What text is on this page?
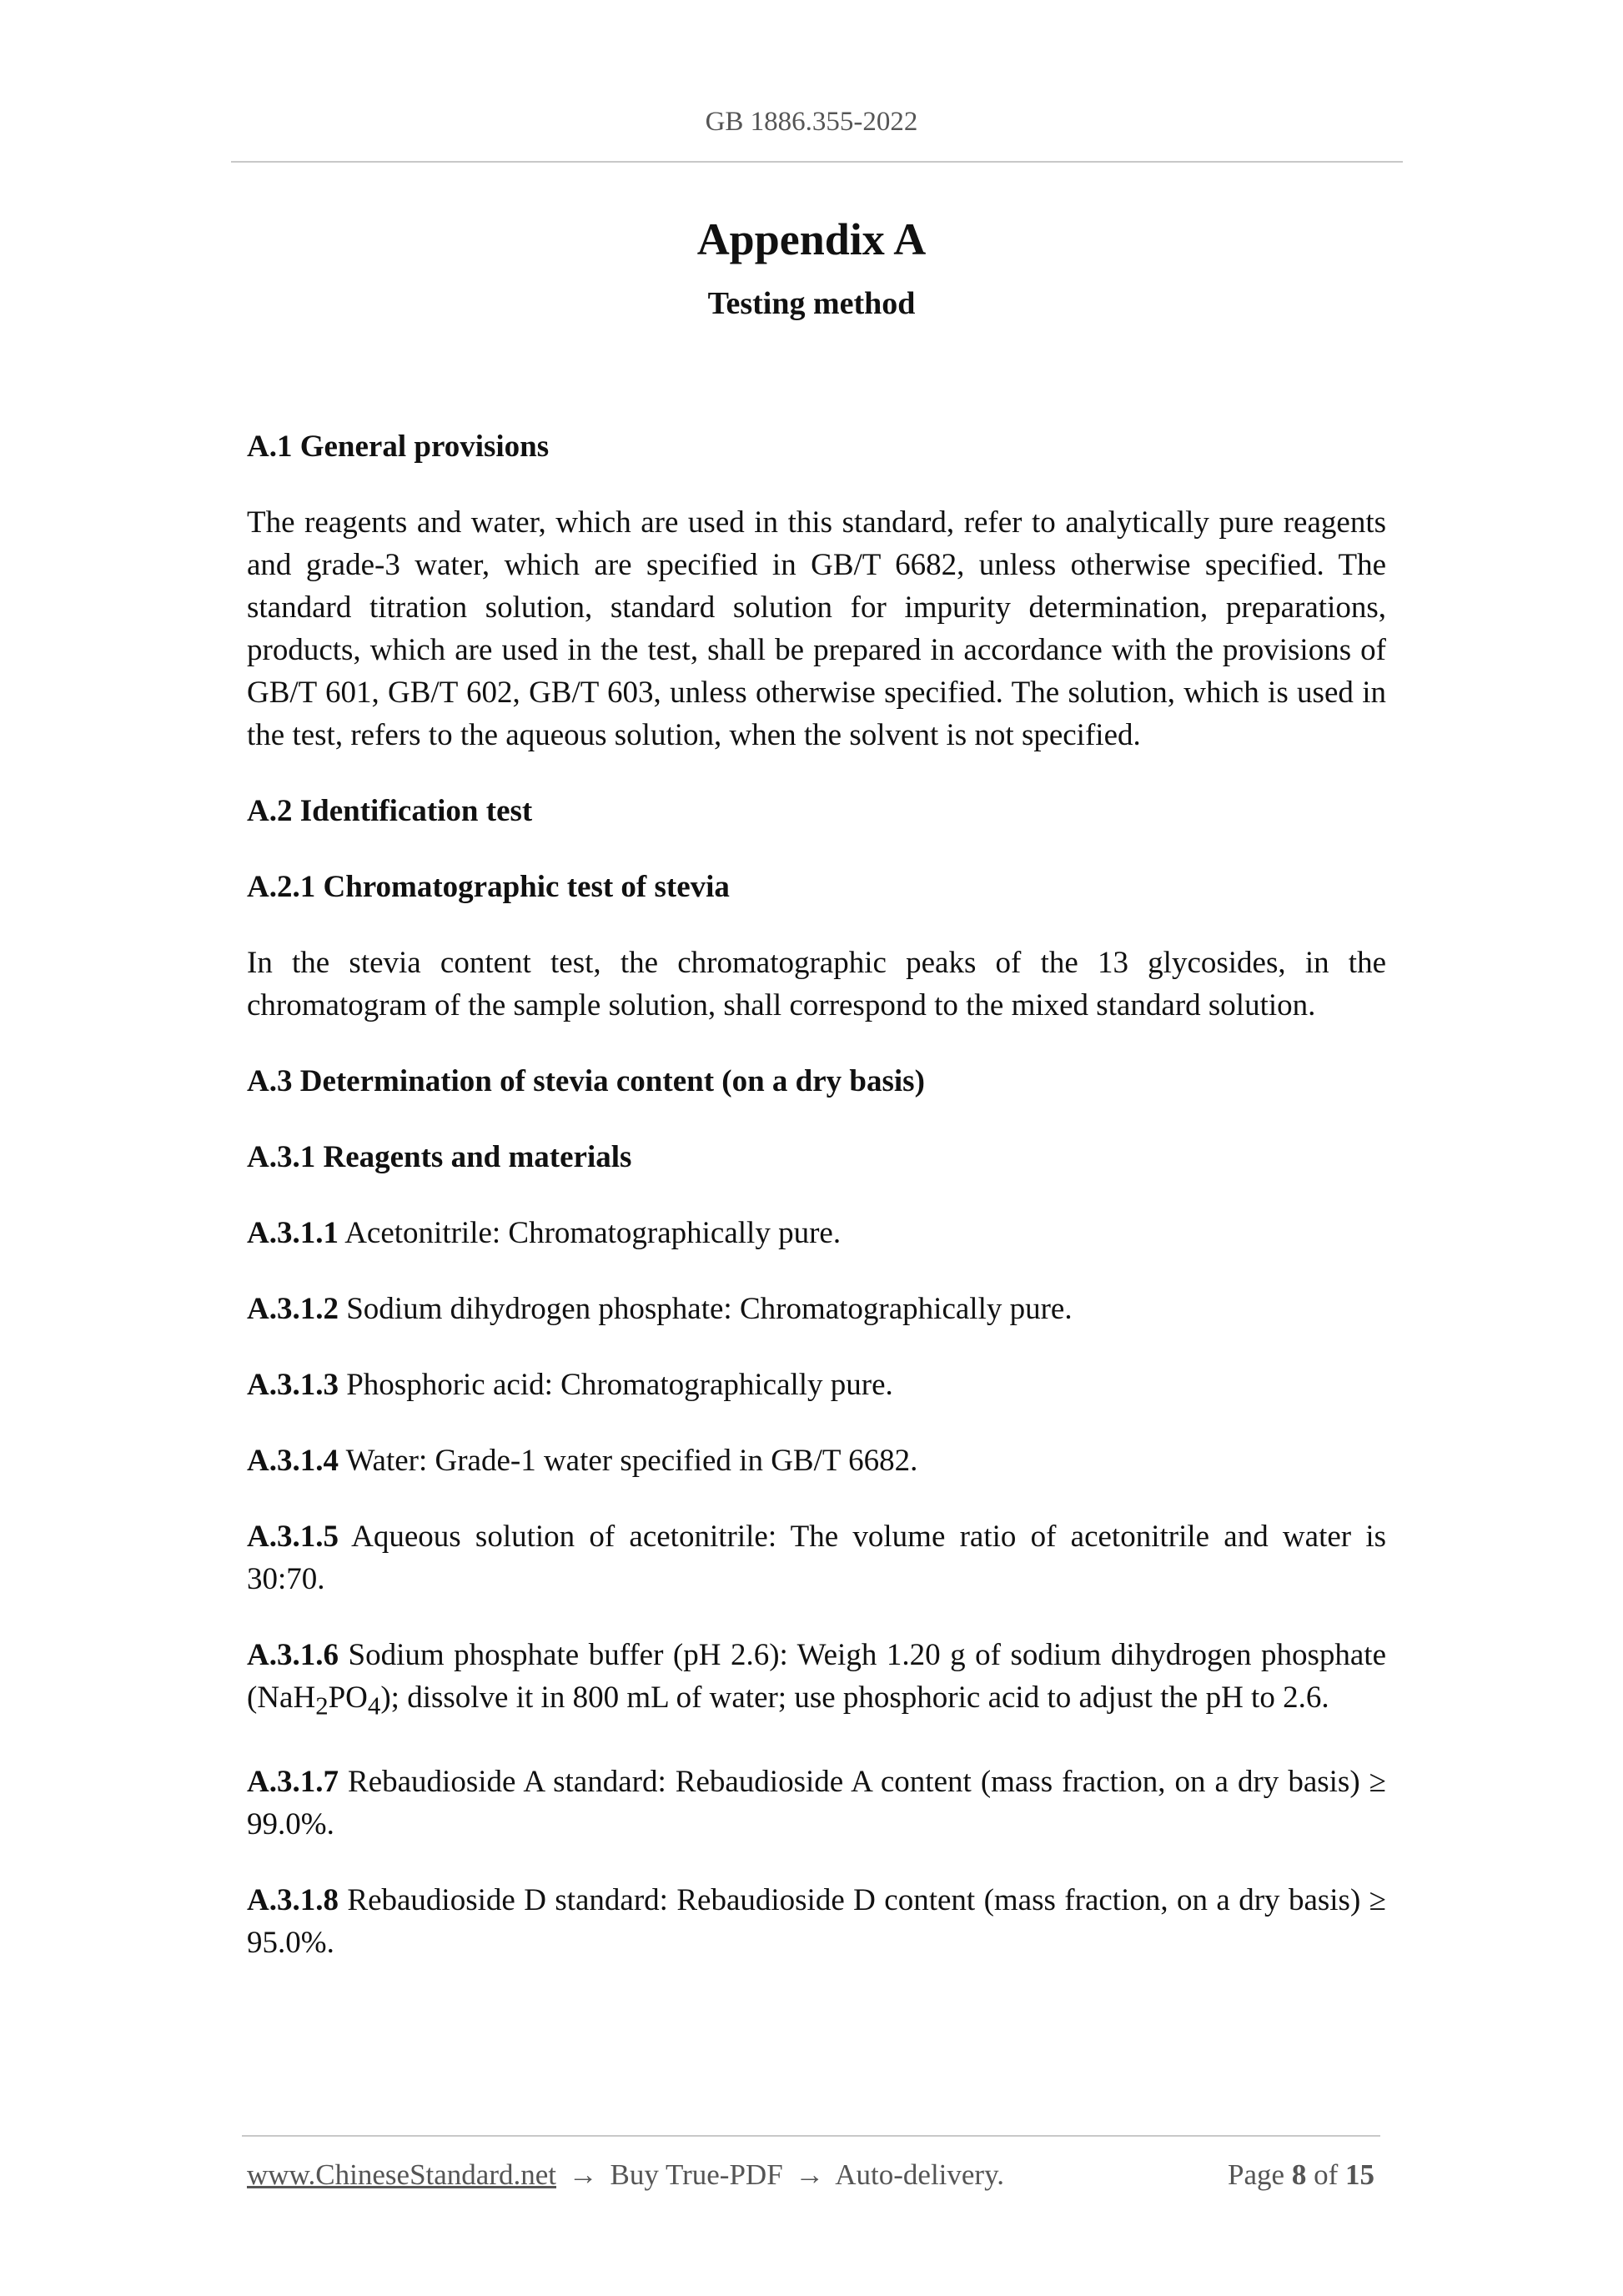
GB 1886.355-2022
Appendix A
Testing method
A.1 General provisions

The reagents and water, which are used in this standard, refer to analytically pure reagents and grade-3 water, which are specified in GB/T 6682, unless otherwise specified. The standard titration solution, standard solution for impurity determination, preparations, products, which are used in the test, shall be prepared in accordance with the provisions of GB/T 601, GB/T 602, GB/T 603, unless otherwise specified. The solution, which is used in the test, refers to the aqueous solution, when the solvent is not specified.

A.2 Identification test
A.2.1 Chromatographic test of stevia

In the stevia content test, the chromatographic peaks of the 13 glycosides, in the chromatogram of the sample solution, shall correspond to the mixed standard solution.

A.3 Determination of stevia content (on a dry basis)
A.3.1 Reagents and materials

A.3.1.1 Acetonitrile: Chromatographically pure.

A.3.1.2 Sodium dihydrogen phosphate: Chromatographically pure.

A.3.1.3 Phosphoric acid: Chromatographically pure.

A.3.1.4 Water: Grade-1 water specified in GB/T 6682.

A.3.1.5 Aqueous solution of acetonitrile: The volume ratio of acetonitrile and water is 30:70.

A.3.1.6 Sodium phosphate buffer (pH 2.6): Weigh 1.20 g of sodium dihydrogen phosphate $(NaH_2PO_4)$; dissolve it in 800 mL of water; use phosphoric acid to adjust the pH to 2.6.

A.3.1.7 Rebaudioside A standard: Rebaudioside A content (mass fraction, on a dry basis) ≥ 99.0%.

A.3.1.8 Rebaudioside D standard: Rebaudioside D content (mass fraction, on a dry basis) ≥ 95.0%.

www.ChineseStandard.net → Buy True-PDF → Auto-delivery.	Page 8 of 15
